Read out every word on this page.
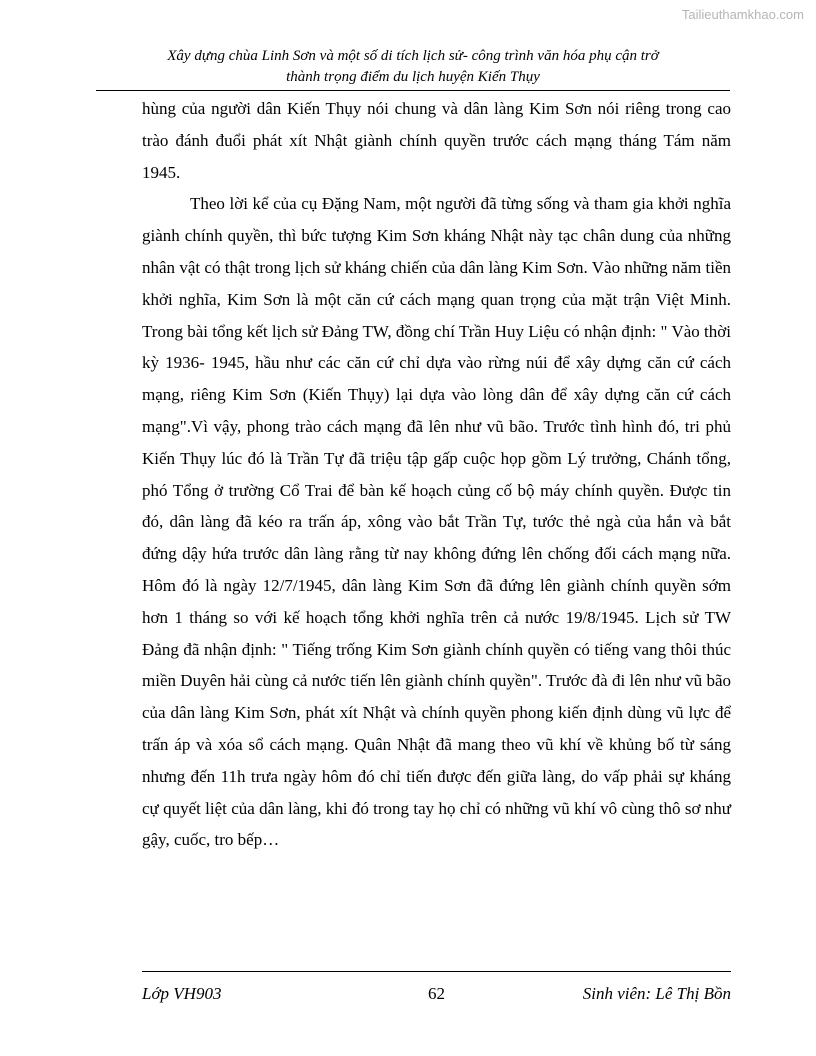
Tailieuthamkhao.com
Xây dựng chùa Linh Sơn và một số di tích lịch sử- công trình văn hóa phụ cận trở
thành trọng điểm du lịch huyện Kiến Thụy

hùng của người dân Kiến Thụy nói chung và dân làng Kim Sơn nói riêng trong cao trào đánh đuổi phát xít Nhật giành chính quyền trước cách mạng tháng Tám năm 1945.

Theo lời kể của cụ Đặng Nam, một người đã từng sống và tham gia khởi nghĩa giành chính quyền, thì bức tượng Kim Sơn kháng Nhật này tạc chân dung của những nhân vật có thật trong lịch sử kháng chiến của dân làng Kim Sơn. Vào những năm tiền khởi nghĩa, Kim Sơn là một căn cứ cách mạng quan trọng của mặt trận Việt Minh. Trong bài tổng kết lịch sử Đảng TW, đồng chí Trần Huy Liệu có nhận định: " Vào thời kỳ 1936- 1945, hầu như các căn cứ chỉ dựa vào rừng núi để xây dựng căn cứ cách mạng, riêng Kim Sơn (Kiến Thụy) lại dựa vào lòng dân để xây dựng căn cứ cách mạng".Vì vậy, phong trào cách mạng đã lên như vũ bão. Trước tình hình đó, tri phủ Kiến Thụy lúc đó là Trần Tự đã triệu tập gấp cuộc họp gồm Lý trưởng, Chánh tổng, phó Tổng ở trường Cổ Trai để bàn kế hoạch củng cố bộ máy chính quyền. Được tin đó, dân làng đã kéo ra trấn áp, xông vào bắt Trần Tự, tước thẻ ngà của hắn và bắt đứng dậy hứa trước dân làng rằng từ nay không đứng lên chống đối cách mạng nữa. Hôm đó là ngày 12/7/1945, dân làng Kim Sơn đã đứng lên giành chính quyền sớm hơn 1 tháng so với kế hoạch tổng khởi nghĩa trên cả nước 19/8/1945. Lịch sử TW Đảng đã nhận định: " Tiếng trống Kim Sơn giành chính quyền có tiếng vang thôi thúc miền Duyên hải cùng cả nước tiến lên giành chính quyền". Trước đà đi lên như vũ bão của dân làng Kim Sơn, phát xít Nhật và chính quyền phong kiến định dùng vũ lực để trấn áp và xóa sổ cách mạng. Quân Nhật đã mang theo vũ khí về khủng bố từ sáng nhưng đến 11h trưa ngày hôm đó chỉ tiến được đến giữa làng, do vấp phải sự kháng cự quyết liệt của dân làng, khi đó trong tay họ chỉ có những vũ khí vô cùng thô sơ như gậy, cuốc, tro bếp…

Lớp VH903	62	Sinh viên: Lê Thị Bồn
